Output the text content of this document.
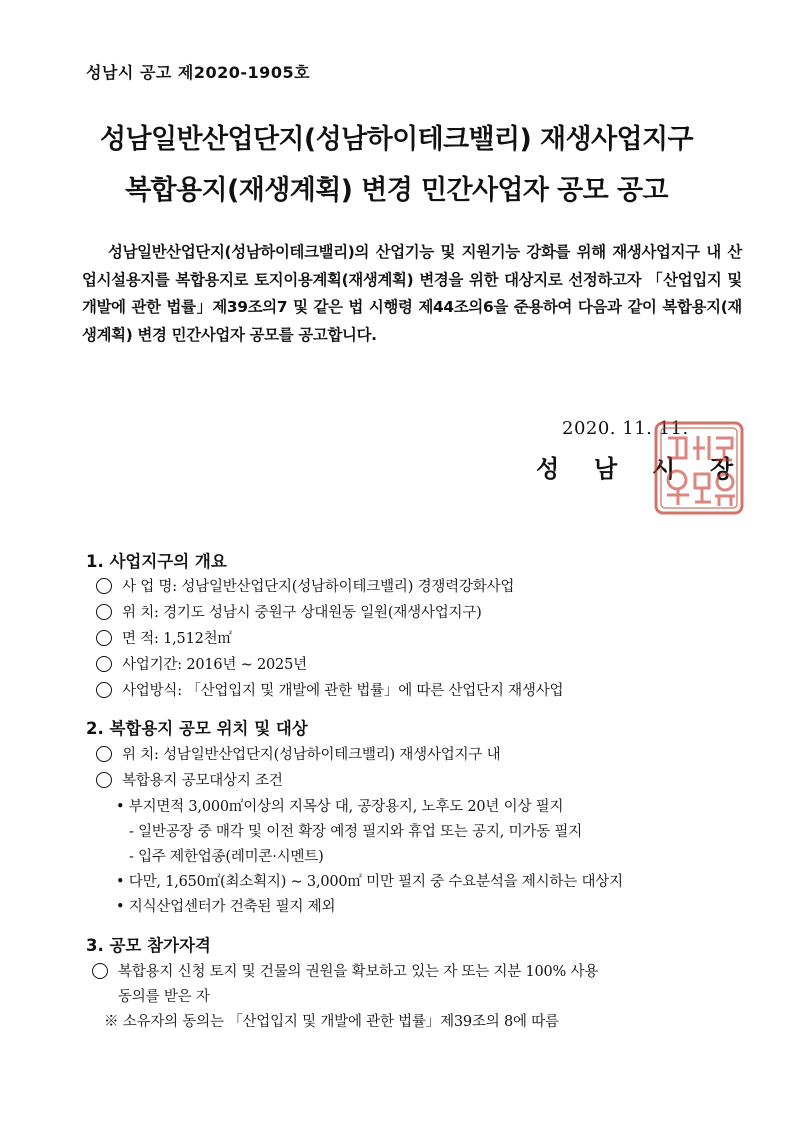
성남시 공고 제2020-1905호
성남일반산업단지(성남하이테크밸리) 재생사업지구
복합용지(재생계획) 변경 민간사업자 공모 공고

성남일반산업단지(성남하이테크밸리)의 산업기능 및 지원기능 강화를 위해 재생사업지구 내 산업시설용지를 복합용지로 토지이용계획(재생계획) 변경을 위한 대상지로 선정하고자 「산업입지 및 개발에 관한 법률」제39조의7 및 같은 법 시행령 제44조의6을 준용하여 다음과 같이 복합용지(재생계획) 변경 민간사업자 공모를 공고합니다.

2020. 11. 11.
성 남 시 장
1. 사업지구의 개요
사 업 명: 성남일반산업단지(성남하이테크밸리) 경쟁력강화사업
위 치: 경기도 성남시 중원구 상대원동 일원(재생사업지구)
면 적: 1,512천㎡
사업기간: 2016년 ∼ 2025년
사업방식: 「산업입지 및 개발에 관한 법률」에 따른 산업단지 재생사업
2. 복합용지 공모 위치 및 대상
위 치: 성남일반산업단지(성남하이테크밸리) 재생사업지구 내
복합용지 공모대상지 조건
• 부지면적 3,000㎡이상의 지목상 대, 공장용지, 노후도 20년 이상 필지
- 일반공장 중 매각 및 이전 확장 예정 필지와 휴업 또는 공지, 미가동 필지
- 입주 제한업종(레미콘·시멘트)
• 다만, 1,650㎡(최소획지) ∼ 3,000㎡ 미만 필지 중 수요분석을 제시하는 대상지
• 지식산업센터가 건축된 필지 제외
3. 공모 참가자격
복합용지 신청 토지 및 건물의 권원을 확보하고 있는 자 또는 지분 100% 사용
동의를 받은 자
※ 소유자의 동의는 「산업입지 및 개발에 관한 법률」제39조의 8에 따름
